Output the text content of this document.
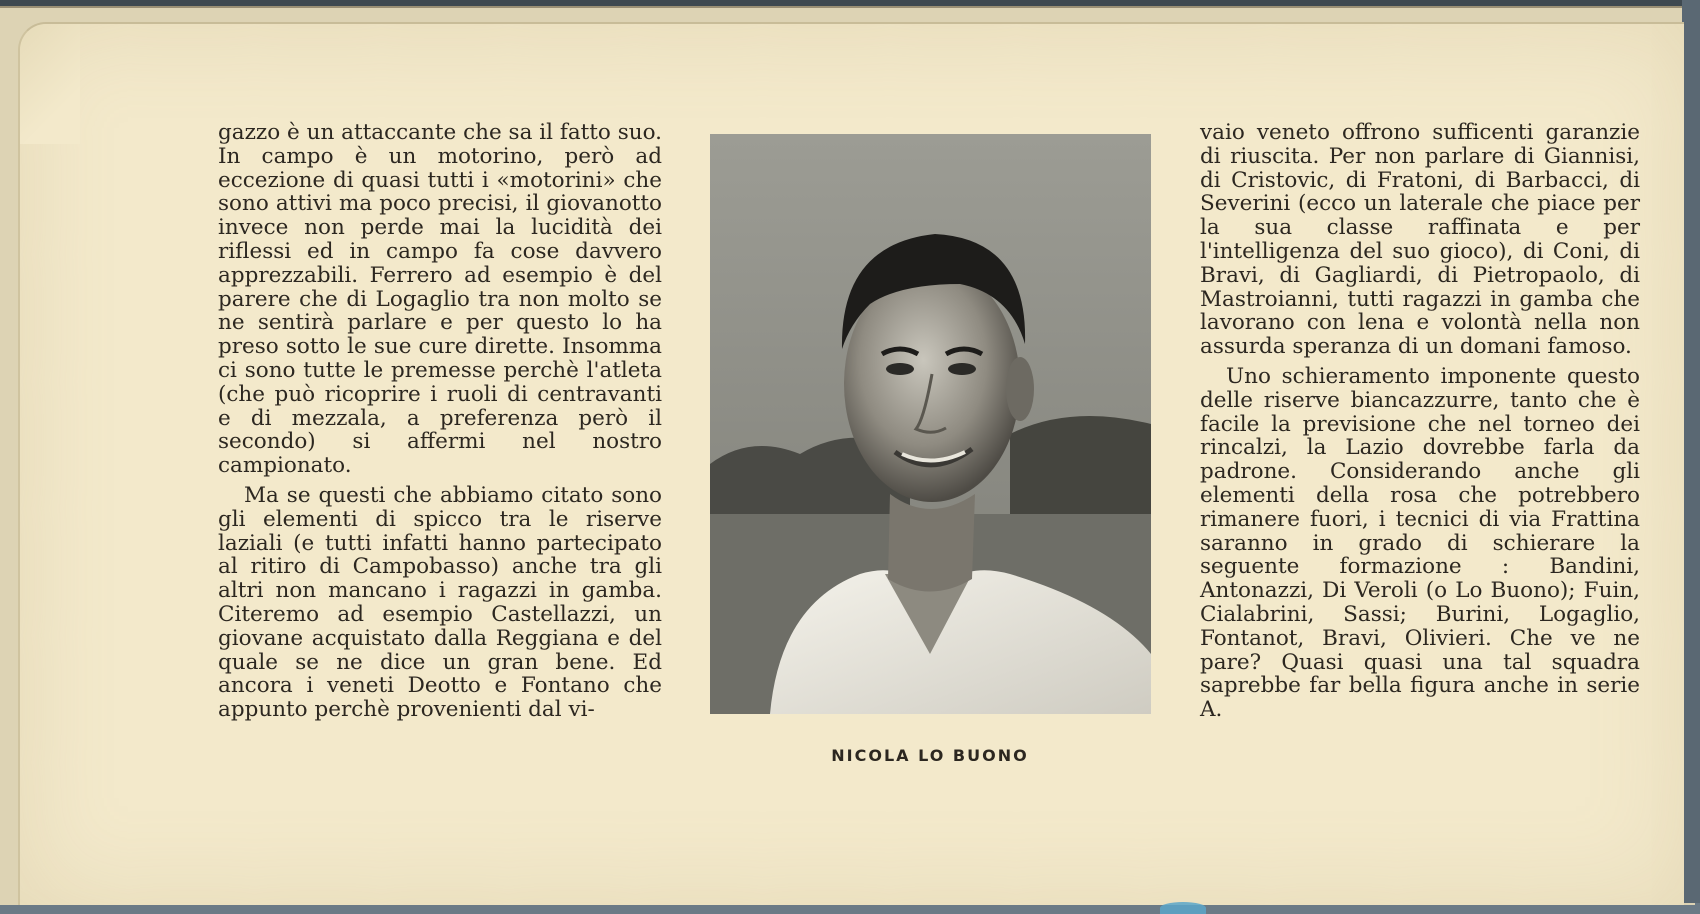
gazzo è un attaccante che sa il fatto suo. In campo è un motorino, però ad eccezione di quasi tutti i «motorini» che sono attivi ma poco precisi, il giovanotto invece non perde mai la lucidità dei riflessi ed in campo fa cose davvero apprezzabili. Ferrero ad esempio è del parere che di Logaglio tra non molto se ne sentirà parlare e per questo lo ha preso sotto le sue cure dirette. Insomma ci sono tutte le premesse perchè l'atleta (che può ricoprire i ruoli di centravanti e di mezzala, a preferenza però il secondo) si affermi nel nostro campionato.

Ma se questi che abbiamo citato sono gli elementi di spicco tra le riserve laziali (e tutti infatti hanno partecipato al ritiro di Campobasso) anche tra gli altri non mancano i ragazzi in gamba. Citeremo ad esempio Castellazzi, un giovane acquistato dalla Reggiana e del quale se ne dice un gran bene. Ed ancora i veneti Deotto e Fontano che appunto perchè provenienti dal vi-

NICOLA LO BUONO

vaio veneto offrono sufficenti garanzie di riuscita. Per non parlare di Giannisi, di Cristovic, di Fratoni, di Barbacci, di Severini (ecco un laterale che piace per la sua classe raffinata e per l'intelligenza del suo gioco), di Coni, di Bravi, di Gagliardi, di Pietropaolo, di Mastroianni, tutti ragazzi in gamba che lavorano con lena e volontà nella non assurda speranza di un domani famoso.

Uno schieramento imponente questo delle riserve biancazzurre, tanto che è facile la previsione che nel torneo dei rincalzi, la Lazio dovrebbe farla da padrone. Considerando anche gli elementi della rosa che potrebbero rimanere fuori, i tecnici di via Frattina saranno in grado di schierare la seguente formazione : Bandini, Antonazzi, Di Veroli (o Lo Buono); Fuin, Cialabrini, Sassi; Burini, Logaglio, Fontanot, Bravi, Olivieri. Che ve ne pare? Quasi quasi una tal squadra saprebbe far bella figura anche in serie A.
